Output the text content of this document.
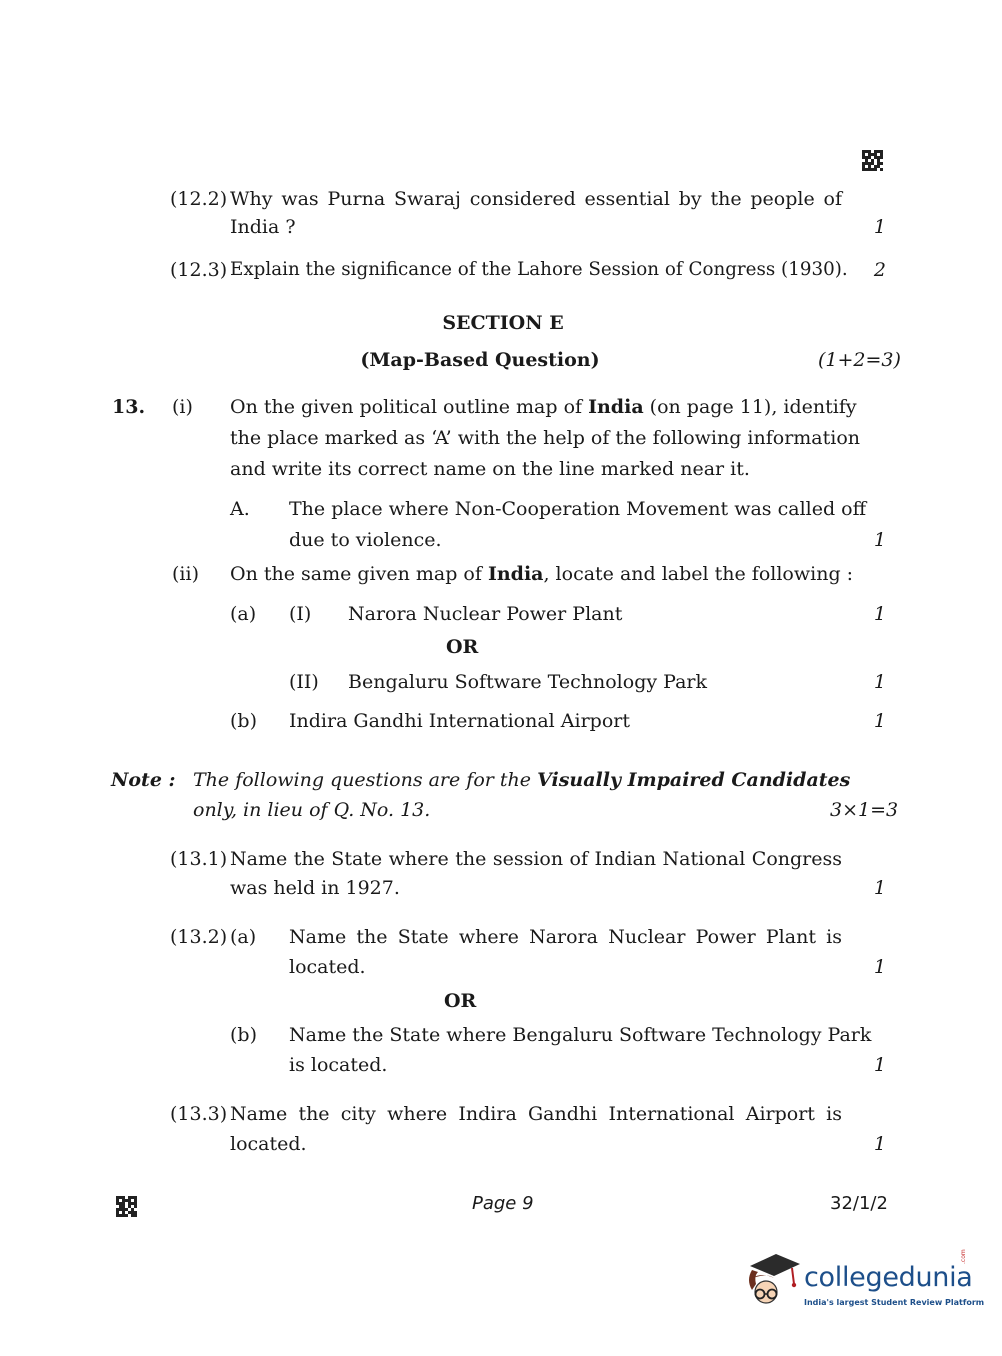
(12.2) Why was Purna Swaraj considered essential by the people of
India ?	1
(12.3) Explain the significance of the Lahore Session of Congress (1930).	2
SECTION E
(Map-Based Question)	(1+2=3)
13. (i) On the given political outline map of India (on page 11), identify
the place marked as ‘A’ with the help of the following information
and write its correct name on the line marked near it.
A. The place where Non-Cooperation Movement was called off
due to violence.	1
(ii) On the same given map of India, locate and label the following :
(a) (I) Narora Nuclear Power Plant	1
OR
(II) Bengaluru Software Technology Park	1
(b) Indira Gandhi International Airport	1
Note : The following questions are for the Visually Impaired Candidates
only, in lieu of Q. No. 13.	3×1=3
(13.1) Name the State where the session of Indian National Congress
was held in 1927.	1
(13.2) (a) Name the State where Narora Nuclear Power Plant is
located.	1
OR
(b) Name the State where Bengaluru Software Technology Park
is located.	1
(13.3) Name the city where Indira Gandhi International Airport is
located.	1
Page 9	32/1/2
collegedunia
.com
India's largest Student Review Platform
